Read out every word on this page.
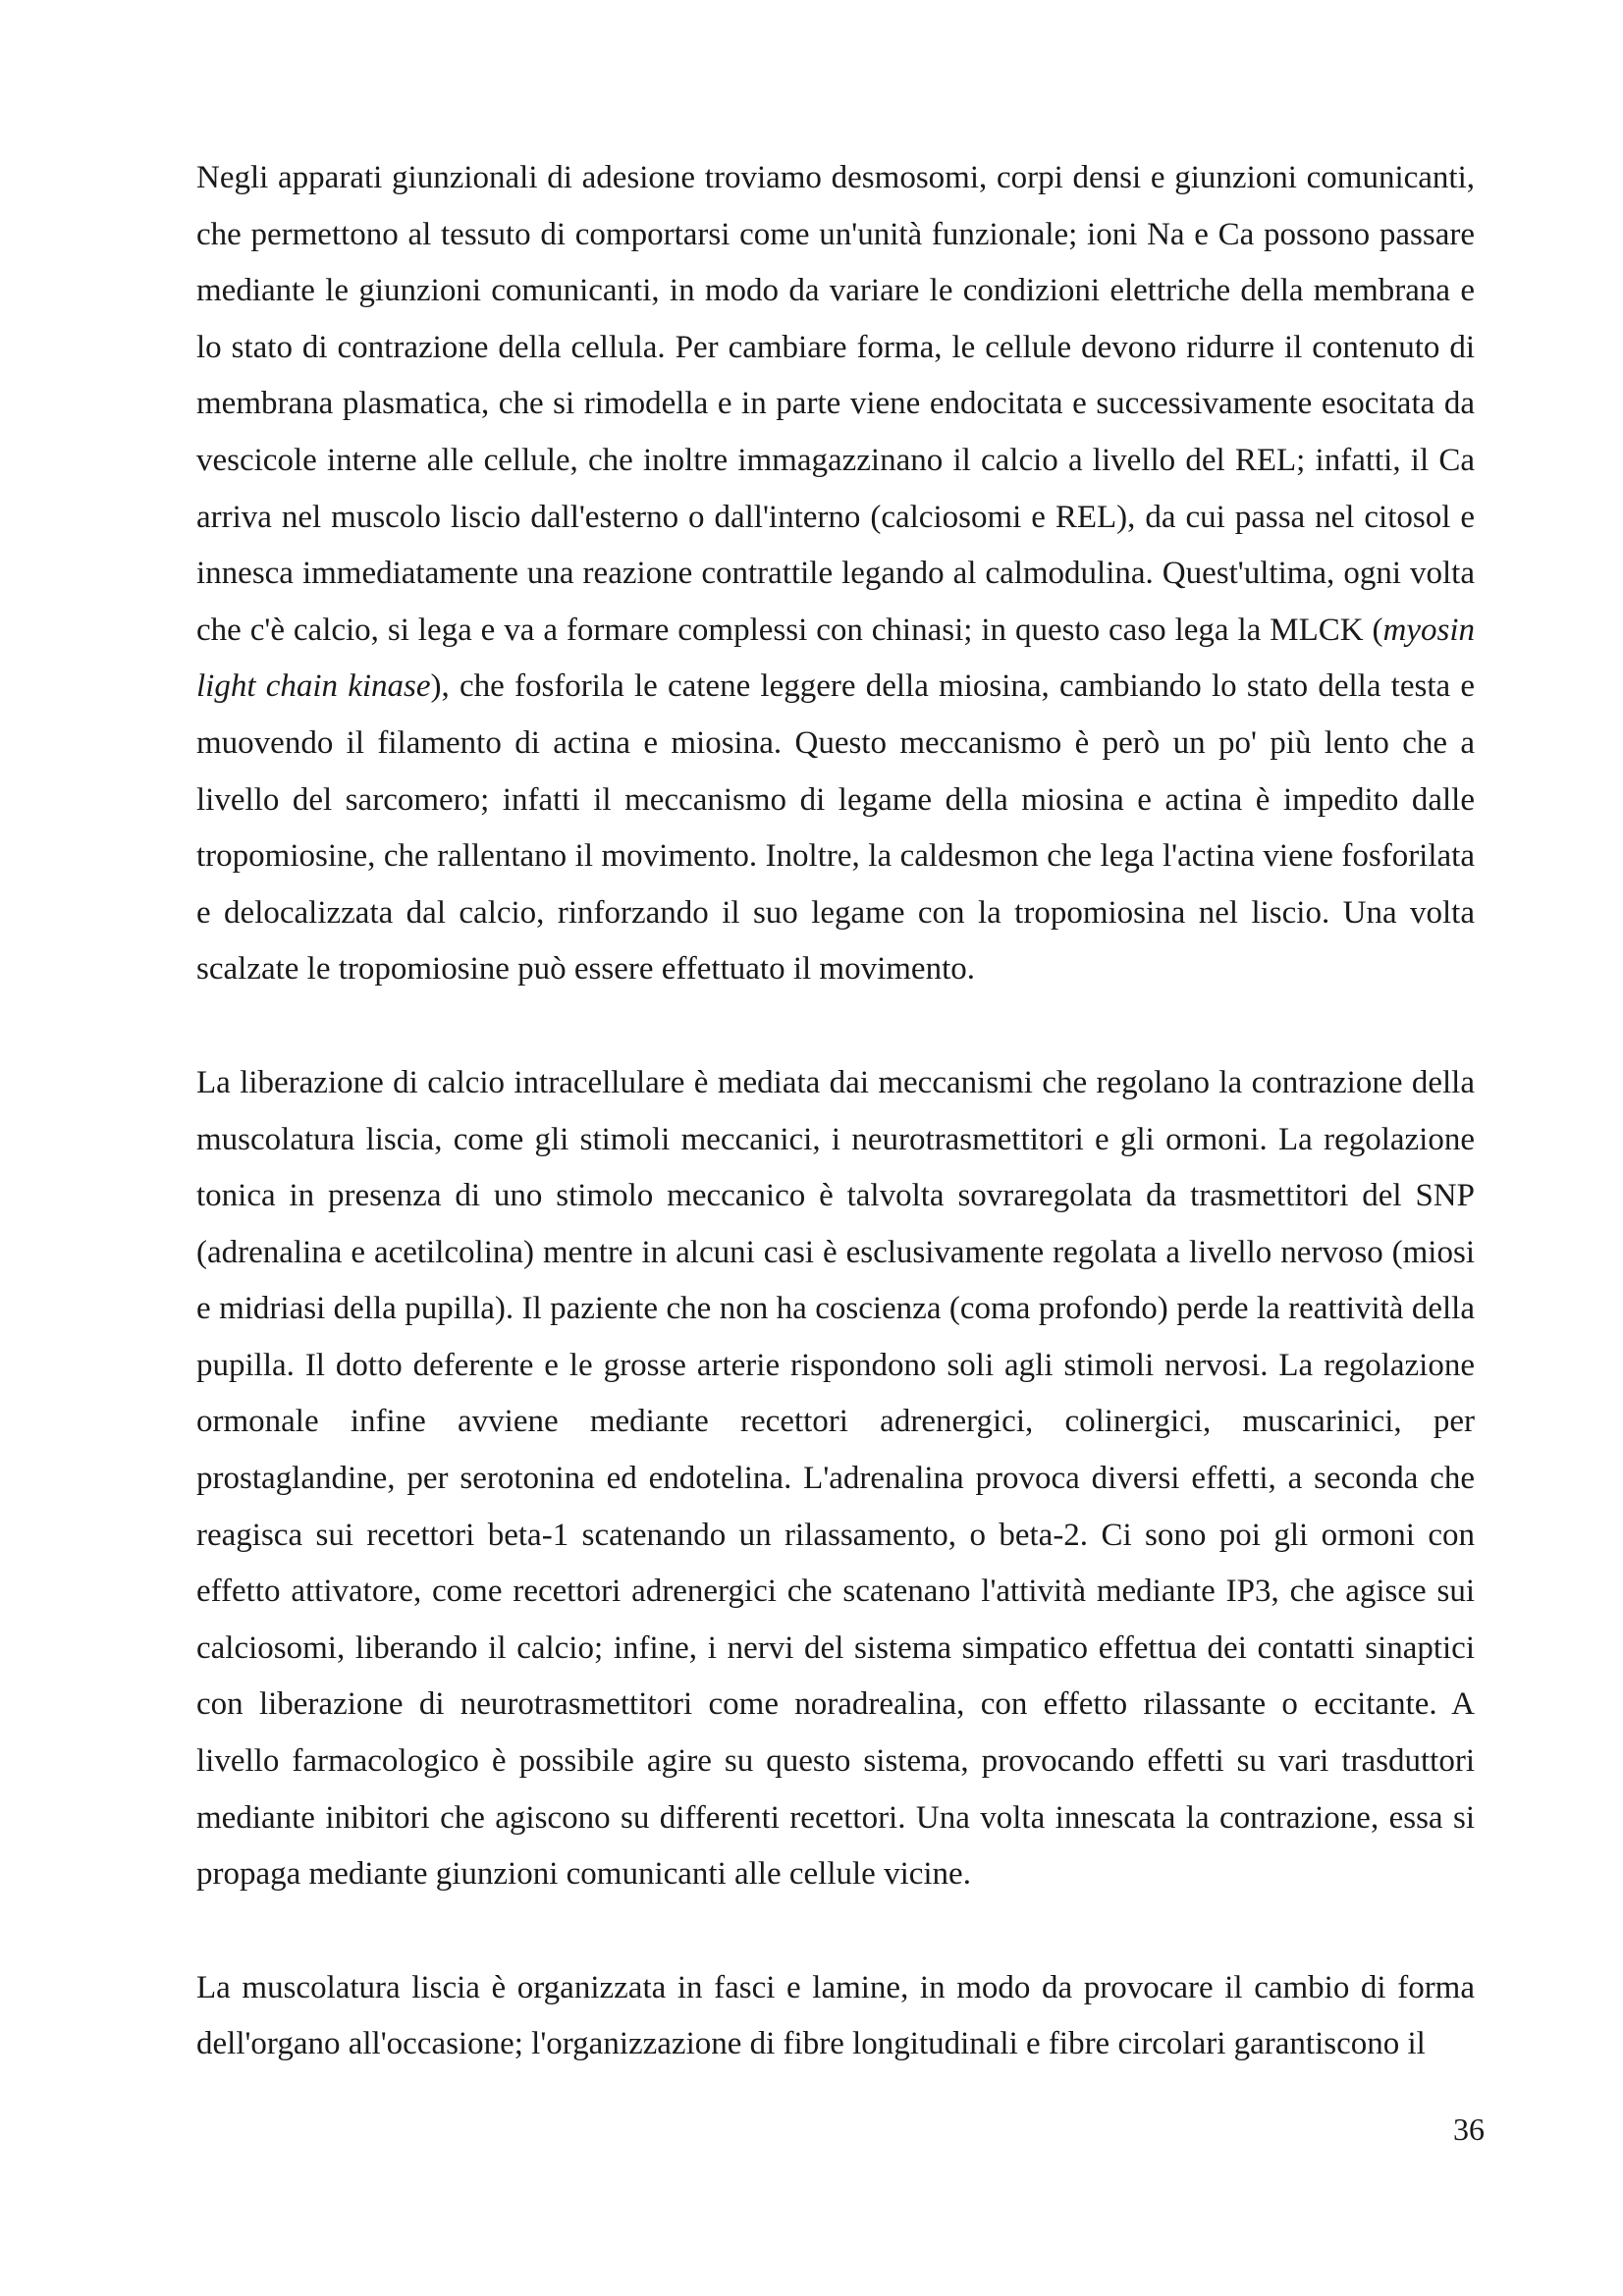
Negli apparati giunzionali di adesione troviamo desmosomi, corpi densi e giunzioni comunicanti, che permettono al tessuto di comportarsi come un'unità funzionale; ioni Na e Ca possono passare mediante le giunzioni comunicanti, in modo da variare le condizioni elettriche della membrana e lo stato di contrazione della cellula. Per cambiare forma, le cellule devono ridurre il contenuto di membrana plasmatica, che si rimodella e in parte viene endocitata e successivamente esocitata da vescicole interne alle cellule, che inoltre immagazzinano il calcio a livello del REL; infatti, il Ca arriva nel muscolo liscio dall'esterno o dall'interno (calciosomi e REL), da cui passa nel citosol e innesca immediatamente una reazione contrattile legando al calmodulina. Quest'ultima, ogni volta che c'è calcio, si lega e va a formare complessi con chinasi; in questo caso lega la MLCK (myosin light chain kinase), che fosforila le catene leggere della miosina, cambiando lo stato della testa e muovendo il filamento di actina e miosina. Questo meccanismo è però un po' più lento che a livello del sarcomero; infatti il meccanismo di legame della miosina e actina è impedito dalle tropomiosine, che rallentano il movimento. Inoltre, la caldesmon che lega l'actina viene fosforilata e delocalizzata dal calcio, rinforzando il suo legame con la tropomiosina nel liscio. Una volta scalzate le tropomiosine può essere effettuato il movimento.

La liberazione di calcio intracellulare è mediata dai meccanismi che regolano la contrazione della muscolatura liscia, come gli stimoli meccanici, i neurotrasmettitori e gli ormoni. La regolazione tonica in presenza di uno stimolo meccanico è talvolta sovraregolata da trasmettitori del SNP (adrenalina e acetilcolina) mentre in alcuni casi è esclusivamente regolata a livello nervoso (miosi e midriasi della pupilla). Il paziente che non ha coscienza (coma profondo) perde la reattività della pupilla. Il dotto deferente e le grosse arterie rispondono soli agli stimoli nervosi. La regolazione ormonale infine avviene mediante recettori adrenergici, colinergici, muscarinici, per prostaglandine, per serotonina ed endotelina. L'adrenalina provoca diversi effetti, a seconda che reagisca sui recettori beta-1 scatenando un rilassamento, o beta-2. Ci sono poi gli ormoni con effetto attivatore, come recettori adrenergici che scatenano l'attività mediante IP3, che agisce sui calciosomi, liberando il calcio; infine, i nervi del sistema simpatico effettua dei contatti sinaptici con liberazione di neurotrasmettitori come noradrealina, con effetto rilassante o eccitante. A livello farmacologico è possibile agire su questo sistema, provocando effetti su vari trasduttori mediante inibitori che agiscono su differenti recettori. Una volta innescata la contrazione, essa si propaga mediante giunzioni comunicanti alle cellule vicine.

La muscolatura liscia è organizzata in fasci e lamine, in modo da provocare il cambio di forma dell'organo all'occasione; l'organizzazione di fibre longitudinali e fibre circolari garantiscono il

36
